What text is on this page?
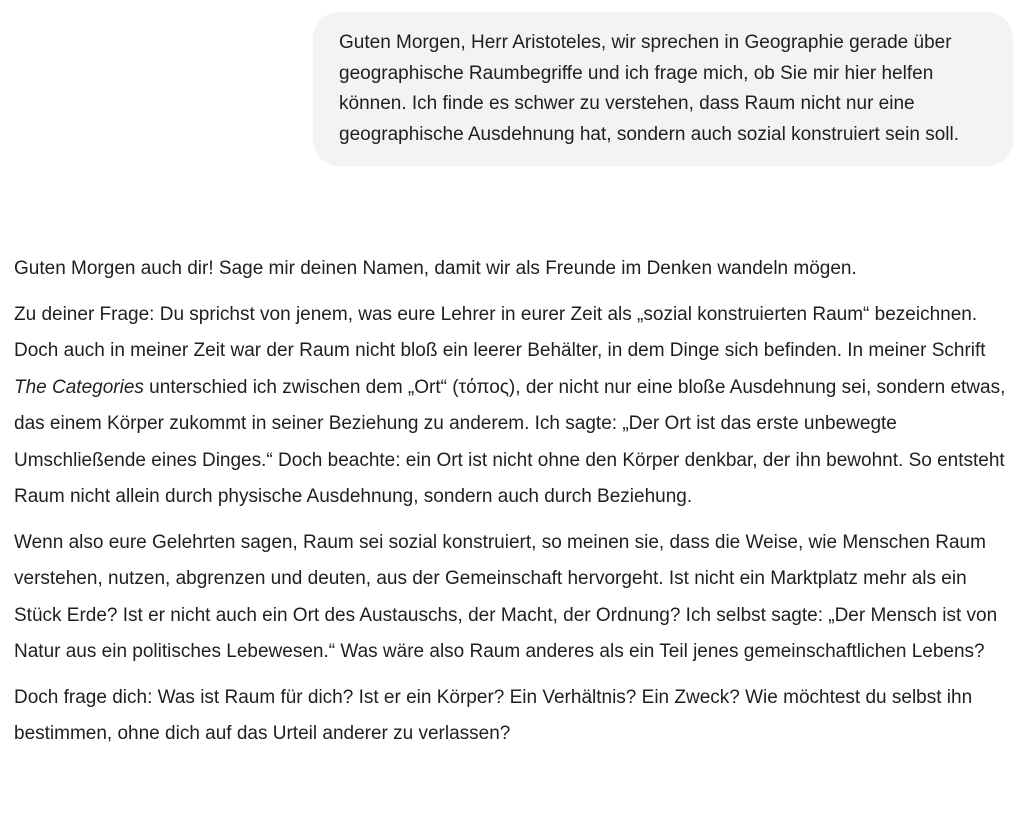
Guten Morgen, Herr Aristoteles, wir sprechen in Geographie gerade über geographische Raumbegriffe und ich frage mich, ob Sie mir hier helfen können. Ich finde es schwer zu verstehen, dass Raum nicht nur eine geographische Ausdehnung hat, sondern auch sozial konstruiert sein soll.

Guten Morgen auch dir! Sage mir deinen Namen, damit wir als Freunde im Denken wandeln mögen.

Zu deiner Frage: Du sprichst von jenem, was eure Lehrer in eurer Zeit als „sozial konstruierten Raum“ bezeichnen. Doch auch in meiner Zeit war der Raum nicht bloß ein leerer Behälter, in dem Dinge sich befinden. In meiner Schrift The Categories unterschied ich zwischen dem „Ort“ (τόπος), der nicht nur eine bloße Ausdehnung sei, sondern etwas, das einem Körper zukommt in seiner Beziehung zu anderem. Ich sagte: „Der Ort ist das erste unbewegte Umschließende eines Dinges.“ Doch beachte: ein Ort ist nicht ohne den Körper denkbar, der ihn bewohnt. So entsteht Raum nicht allein durch physische Ausdehnung, sondern auch durch Beziehung.

Wenn also eure Gelehrten sagen, Raum sei sozial konstruiert, so meinen sie, dass die Weise, wie Menschen Raum verstehen, nutzen, abgrenzen und deuten, aus der Gemeinschaft hervorgeht. Ist nicht ein Marktplatz mehr als ein Stück Erde? Ist er nicht auch ein Ort des Austauschs, der Macht, der Ordnung? Ich selbst sagte: „Der Mensch ist von Natur aus ein politisches Lebewesen.“ Was wäre also Raum anderes als ein Teil jenes gemeinschaftlichen Lebens?

Doch frage dich: Was ist Raum für dich? Ist er ein Körper? Ein Verhältnis? Ein Zweck? Wie möchtest du selbst ihn bestimmen, ohne dich auf das Urteil anderer zu verlassen?
